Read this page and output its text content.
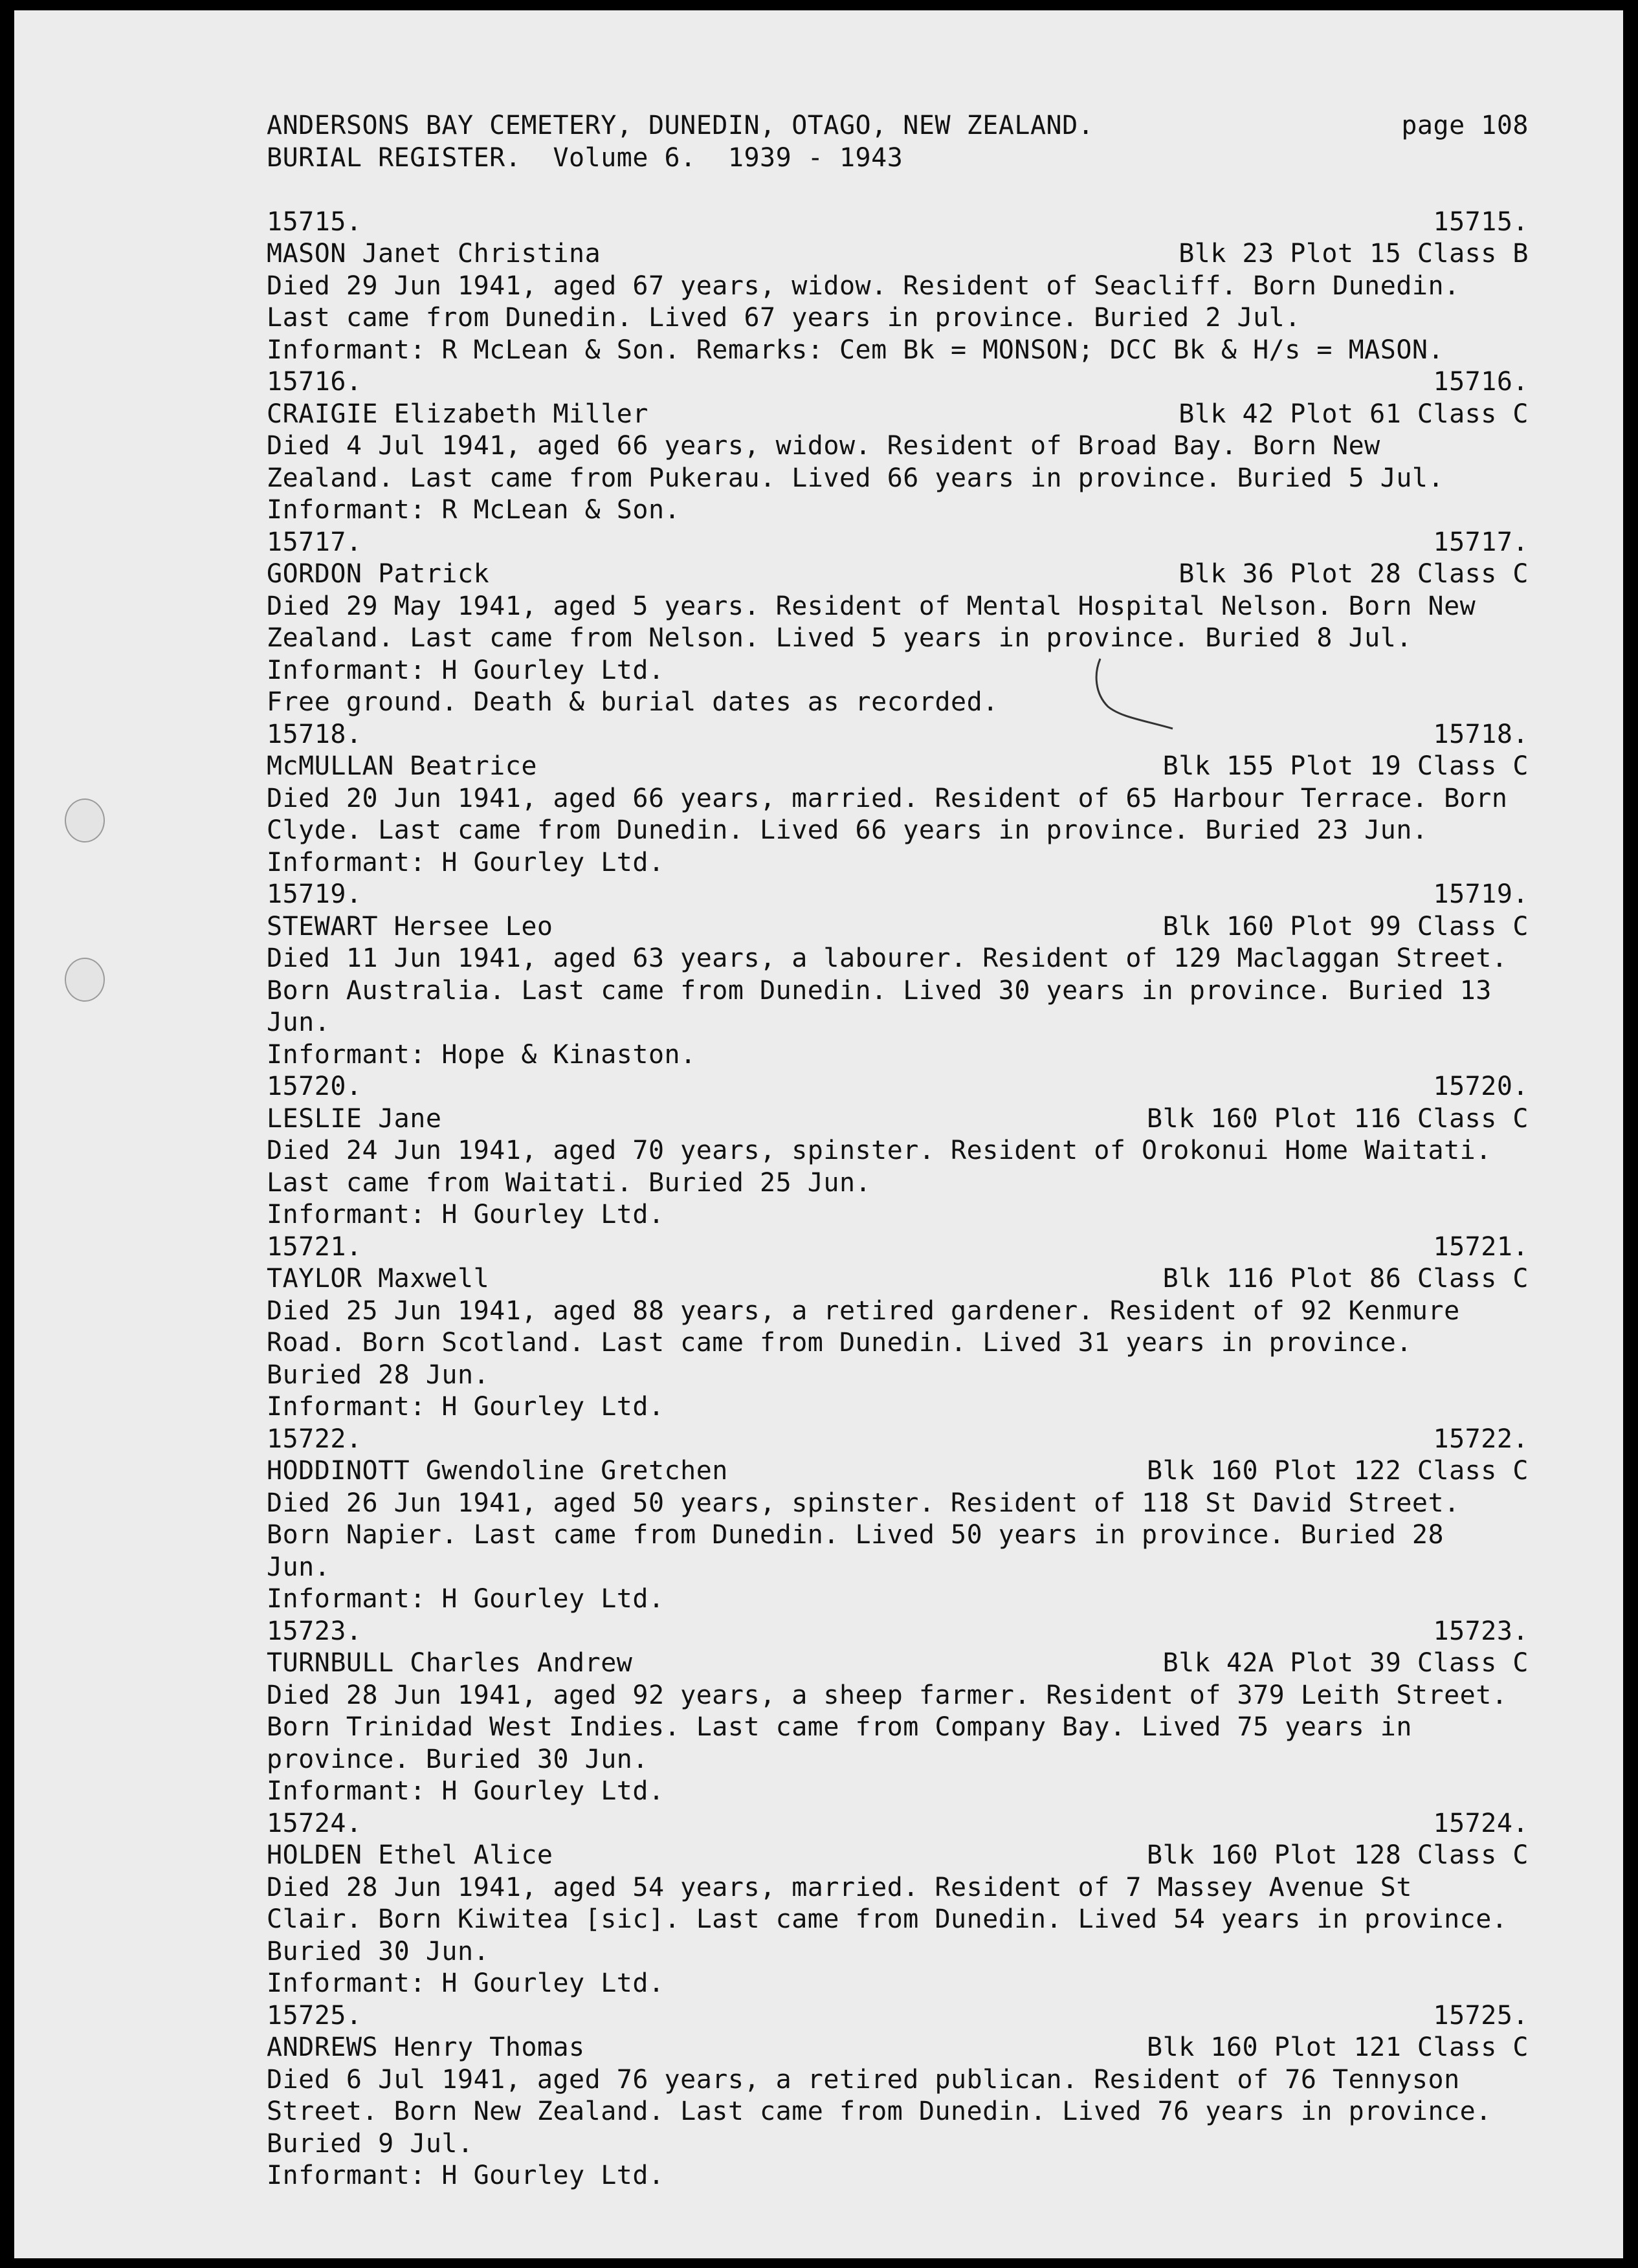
ANDERSONS BAY CEMETERY, DUNEDIN, OTAGO, NEW ZEALAND.	page 108
BURIAL REGISTER.  Volume 6.  1939 - 1943
15715.	15715.
MASON Janet Christina	Blk 23 Plot 15 Class B
Died 29 Jun 1941, aged 67 years, widow. Resident of Seacliff. Born Dunedin.
Last came from Dunedin. Lived 67 years in province. Buried 2 Jul.
Informant: R McLean & Son. Remarks: Cem Bk = MONSON; DCC Bk & H/s = MASON.
15716.	15716.
CRAIGIE Elizabeth Miller	Blk 42 Plot 61 Class C
Died 4 Jul 1941, aged 66 years, widow. Resident of Broad Bay. Born New
Zealand. Last came from Pukerau. Lived 66 years in province. Buried 5 Jul.
Informant: R McLean & Son.
15717.	15717.
GORDON Patrick	Blk 36 Plot 28 Class C
Died 29 May 1941, aged 5 years. Resident of Mental Hospital Nelson. Born New
Zealand. Last came from Nelson. Lived 5 years in province. Buried 8 Jul.
Informant: H Gourley Ltd.
Free ground. Death & burial dates as recorded.
15718.	15718.
McMULLAN Beatrice	Blk 155 Plot 19 Class C
Died 20 Jun 1941, aged 66 years, married. Resident of 65 Harbour Terrace. Born
Clyde. Last came from Dunedin. Lived 66 years in province. Buried 23 Jun.
Informant: H Gourley Ltd.
15719.	15719.
STEWART Hersee Leo	Blk 160 Plot 99 Class C
Died 11 Jun 1941, aged 63 years, a labourer. Resident of 129 Maclaggan Street.
Born Australia. Last came from Dunedin. Lived 30 years in province. Buried 13
Jun.
Informant: Hope & Kinaston.
15720.	15720.
LESLIE Jane	Blk 160 Plot 116 Class C
Died 24 Jun 1941, aged 70 years, spinster. Resident of Orokonui Home Waitati.
Last came from Waitati. Buried 25 Jun.
Informant: H Gourley Ltd.
15721.	15721.
TAYLOR Maxwell	Blk 116 Plot 86 Class C
Died 25 Jun 1941, aged 88 years, a retired gardener. Resident of 92 Kenmure
Road. Born Scotland. Last came from Dunedin. Lived 31 years in province.
Buried 28 Jun.
Informant: H Gourley Ltd.
15722.	15722.
HODDINOTT Gwendoline Gretchen	Blk 160 Plot 122 Class C
Died 26 Jun 1941, aged 50 years, spinster. Resident of 118 St David Street.
Born Napier. Last came from Dunedin. Lived 50 years in province. Buried 28
Jun.
Informant: H Gourley Ltd.
15723.	15723.
TURNBULL Charles Andrew	Blk 42A Plot 39 Class C
Died 28 Jun 1941, aged 92 years, a sheep farmer. Resident of 379 Leith Street.
Born Trinidad West Indies. Last came from Company Bay. Lived 75 years in
province. Buried 30 Jun.
Informant: H Gourley Ltd.
15724.	15724.
HOLDEN Ethel Alice	Blk 160 Plot 128 Class C
Died 28 Jun 1941, aged 54 years, married. Resident of 7 Massey Avenue St
Clair. Born Kiwitea [sic]. Last came from Dunedin. Lived 54 years in province.
Buried 30 Jun.
Informant: H Gourley Ltd.
15725.	15725.
ANDREWS Henry Thomas	Blk 160 Plot 121 Class C
Died 6 Jul 1941, aged 76 years, a retired publican. Resident of 76 Tennyson
Street. Born New Zealand. Last came from Dunedin. Lived 76 years in province.
Buried 9 Jul.
Informant: H Gourley Ltd.
